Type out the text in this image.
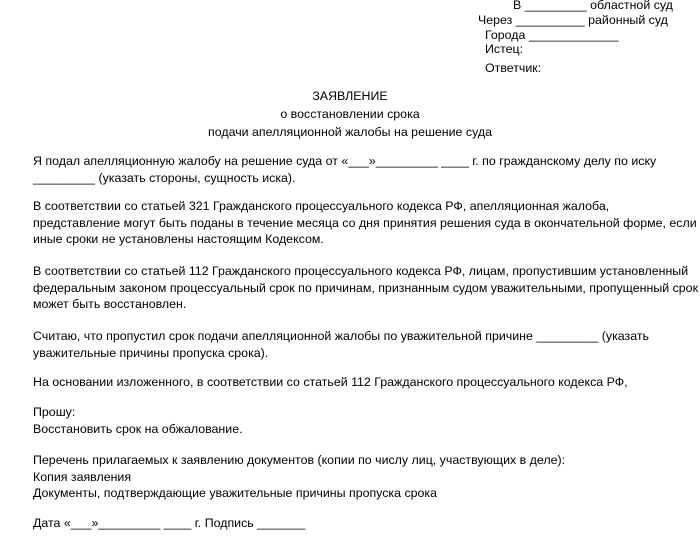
В _________ областной суд
Через __________ районный суд
Города _____________
Истец:
Ответчик:
ЗАЯВЛЕНИЕ
о восстановлении срока
подачи апелляционной жалобы на решение суда
Я подал апелляционную жалобу на решение суда от «___»_________ ____ г. по гражданскому делу по иску
_________ (указать стороны, сущность иска).
В соответствии со статьей 321 Гражданского процессуального кодекса РФ, апелляционная жалоба,
представление могут быть поданы в течение месяца со дня принятия решения суда в окончательной форме, если
иные сроки не установлены настоящим Кодексом.
В соответствии со статьей 112 Гражданского процессуального кодекса РФ, лицам, пропустившим установленный
федеральным законом процессуальный срок по причинам, признанным судом уважительными, пропущенный срок
может быть восстановлен.
Считаю, что пропустил срок подачи апелляционной жалобы по уважительной причине _________ (указать
уважительные причины пропуска срока).
На основании изложенного, в соответствии со статьей 112 Гражданского процессуального кодекса РФ,
Прошу:
Восстановить срок на обжалование.
Перечень прилагаемых к заявлению документов (копии по числу лиц, участвующих в деле):
Копия заявления
Документы, подтверждающие уважительные причины пропуска срока
Дата «___»_________ ____ г. Подпись _______
